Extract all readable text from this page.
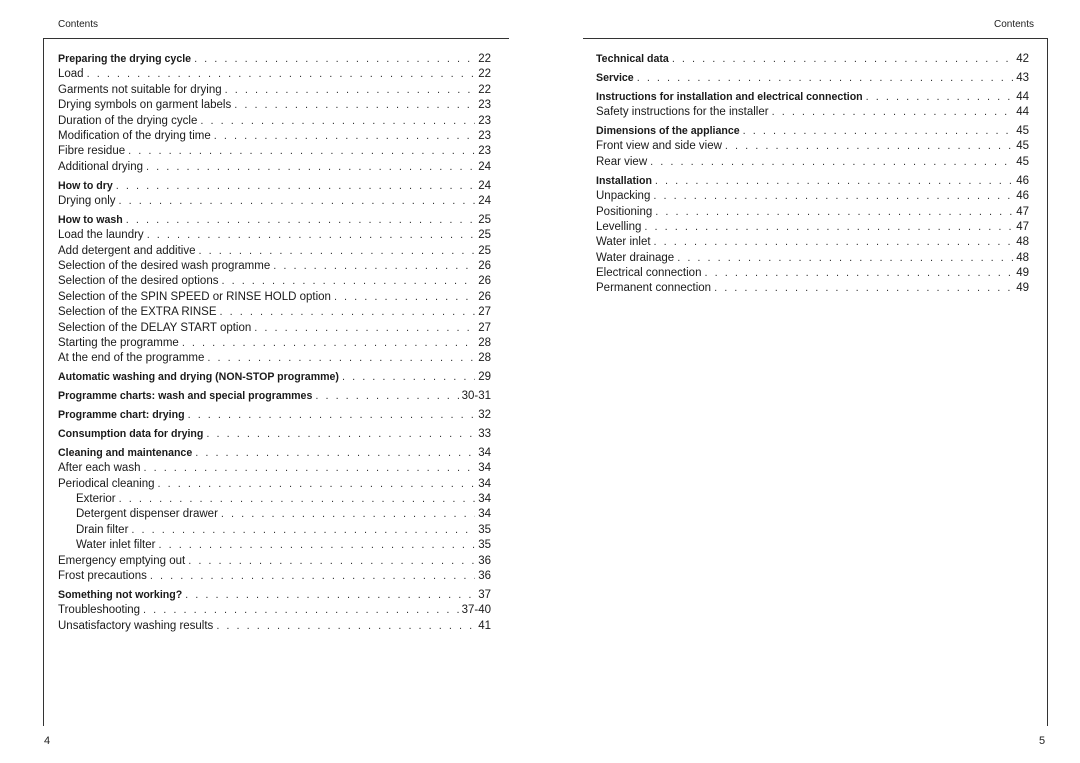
Contents	Contents
Preparing the drying cycle . . .	22
Load . . .	22
Garments not suitable for drying . . .	22
Drying symbols on garment labels . . .	23
Duration of the drying cycle . . .	23
Modification of the drying time . . .	23
Fibre residue . . .	23
Additional drying . . .	24
How to dry . . .	24
Drying only . . .	24
How to wash . . .	25
Load the laundry . . .	25
Add detergent and additive . . .	25
Selection of the desired wash programme . . .	26
Selection of the desired options . . .	26
Selection of the SPIN SPEED or RINSE HOLD option . . .	26
Selection of the EXTRA RINSE . . .	27
Selection of the DELAY START option . . .	27
Starting the programme . . .	28
At the end of the programme . . .	28
Automatic washing and drying (NON-STOP programme) . . .	29
Programme charts: wash and special programmes . . .	30-31
Programme chart: drying . . .	32
Consumption data for drying . . .	33
Cleaning and maintenance . . .	34
After each wash . . .	34
Periodical cleaning . . .	34
Exterior . . .	34
Detergent dispenser drawer . . .	34
Drain filter . . .	35
Water inlet filter . . .	35
Emergency emptying out . . .	36
Frost precautions . . .	36
Something not working? . . .	37
Troubleshooting . . .	37-40
Unsatisfactory washing results . . .	41
Technical data . . .	42
Service . . .	43
Instructions for installation and electrical connection . . .	44
Safety instructions for the installer . . .	44
Dimensions of the appliance . . .	45
Front view and side view . . .	45
Rear view . . .	45
Installation . . .	46
Unpacking . . .	46
Positioning . . .	47
Levelling . . .	47
Water inlet . . .	48
Water drainage . . .	48
Electrical connection . . .	49
Permanent connection . . .	49
4	5
